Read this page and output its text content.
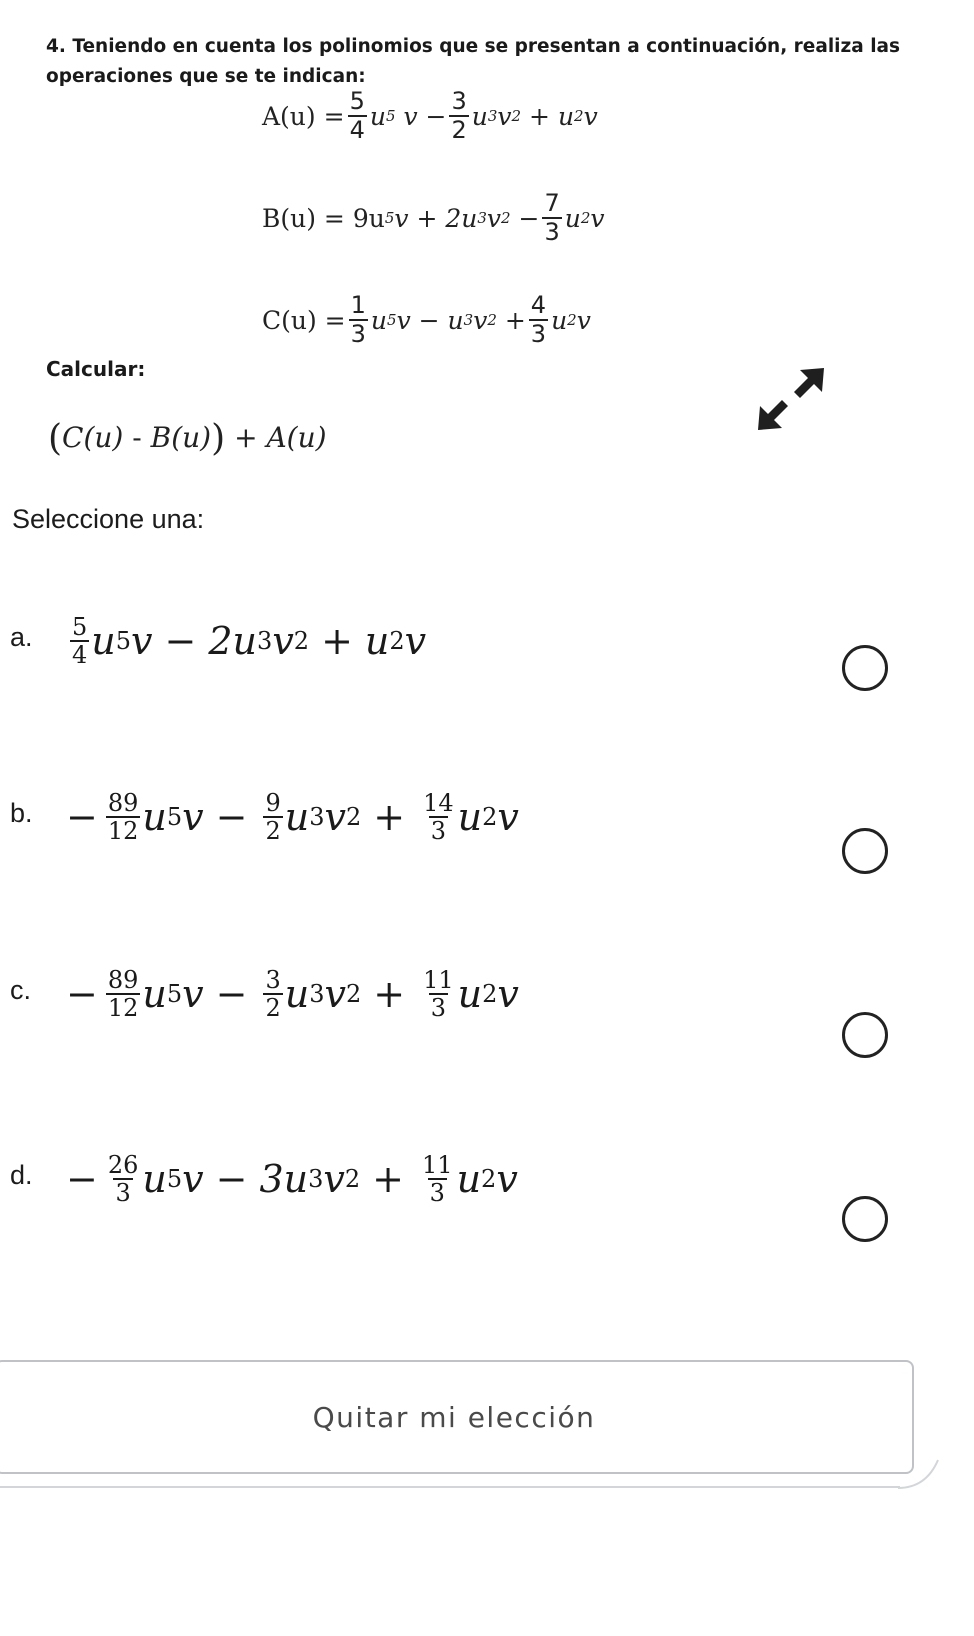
4. Teniendo en cuenta los polinomios que se presentan a continuación, realiza las operaciones que se te indican:
$A(u) = \frac{5}{4}$ u 5
$v - \frac{3}{2}$ u 3 v 2
+ u 2 v
B(u) = 9u 5 v + 2u 3 v 2
− $\frac{7}{3}$ u 2 v
$C(u) = \frac{1}{3}$ u 5 v − u 3 v 2
+ $\frac{4}{3}$ u 2 v
Calcular:
(C(u) - B(u)) + A(u)
Seleccione una:
a. 5
4 u 5 v − 2 u 3 v 2 + u 2 v
b. − $\frac{89}{12}$ u 5 $v - \frac{9}{2}$ u 3 v $2 + \frac{14}{3}$ u 2 v
c. − $\frac{89}{12}$ u 5 $v - \frac{3}{2}$ u 3 v $2 + \frac{11}{3}$ u 2 v
d. − $\frac{26}{3}$ u 5 v − 3 u 3 v $2 + \frac{11}{3}$ u 2 v
Quitar mi elección
